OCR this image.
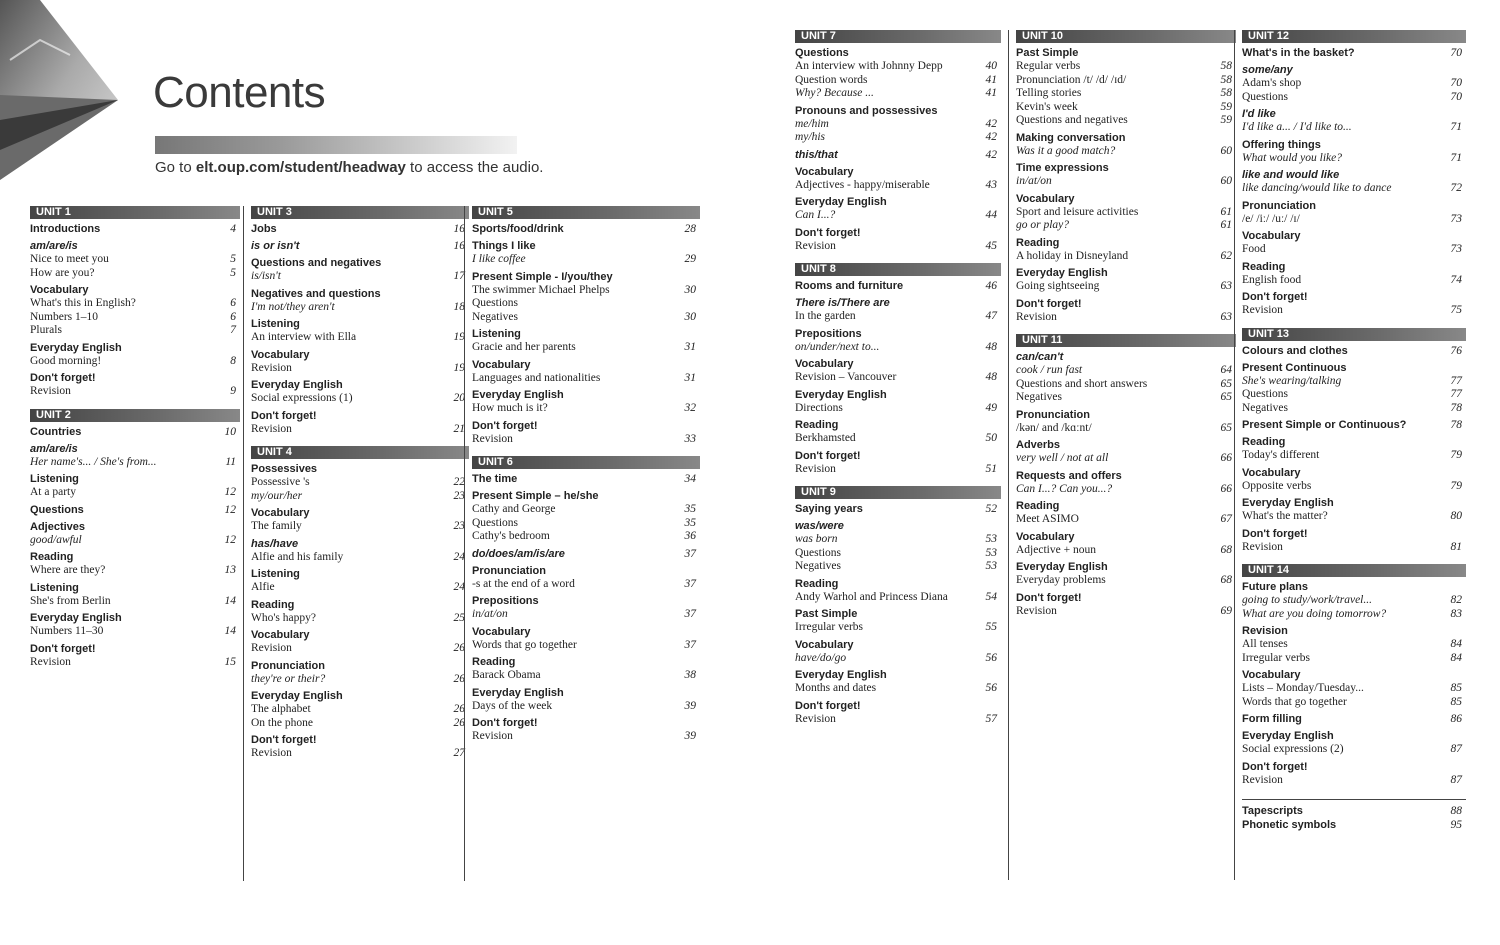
Contents
Go to elt.oup.com/student/headway to access the audio.
UNIT 1
Introductions	4
am/are/is
Nice to meet you	5
How are you?	5
Vocabulary
What's this in English?	6
Numbers 1–10	6
Plurals	7
Everyday English
Good morning!	8
Don't forget!
Revision	9
UNIT 2
Countries	10
am/are/is
Her name's... / She's from...	11
Listening
At a party	12
Questions	12
Adjectives
good/awful	12
Reading
Where are they?	13
Listening
She's from Berlin	14
Everyday English
Numbers 11–30	14
Don't forget!
Revision	15
UNIT 3
Jobs	16
is or isn't	16
Questions and negatives
is/isn't	17
Negatives and questions
I'm not/they aren't	18
Listening
An interview with Ella	19
Vocabulary
Revision	19
Everyday English
Social expressions (1)	20
Don't forget!
Revision	21
UNIT 4
Possessives
Possessive 's	22
my/our/her	23
Vocabulary
The family	23
has/have
Alfie and his family	24
Listening
Alfie	24
Reading
Who's happy?	25
Vocabulary
Revision	26
Pronunciation
they're or their?	26
Everyday English
The alphabet	26
On the phone	26
Don't forget!
Revision	27
UNIT 5
Sports/food/drink	28
Things I like
I like coffee	29
Present Simple - I/you/they
The swimmer Michael Phelps	30
Questions
Negatives	30
Listening
Gracie and her parents	31
Vocabulary
Languages and nationalities	31
Everyday English
How much is it?	32
Don't forget!
Revision	33
UNIT 6
The time	34
Present Simple – he/she
Cathy and George	35
Questions	35
Cathy's bedroom	36
do/does/am/is/are	37
Pronunciation
-s at the end of a word	37
Prepositions
in/at/on	37
Vocabulary
Words that go together	37
Reading
Barack Obama	38
Everyday English
Days of the week	39
Don't forget!
Revision	39
UNIT 7
Questions
An interview with Johnny Depp	40
Question words	41
Why? Because ...	41
Pronouns and possessives
me/him	42
my/his	42
this/that	42
Vocabulary
Adjectives - happy/miserable	43
Everyday English
Can I...?	44
Don't forget!
Revision	45
UNIT 8
Rooms and furniture	46
There is/There are
In the garden	47
Prepositions
on/under/next to...	48
Vocabulary
Revision – Vancouver	48
Everyday English
Directions	49
Reading
Berkhamsted	50
Don't forget!
Revision	51
UNIT 9
Saying years	52
was/were
was born	53
Questions	53
Negatives	53
Reading
Andy Warhol and Princess Diana	54
Past Simple
Irregular verbs	55
Vocabulary
have/do/go	56
Everyday English
Months and dates	56
Don't forget!
Revision	57
UNIT 10
Past Simple
Regular verbs	58
Pronunciation /t/ /d/ /ɪd/	58
Telling stories	58
Kevin's week	59
Questions and negatives	59
Making conversation
Was it a good match?	60
Time expressions
in/at/on	60
Vocabulary
Sport and leisure activities	61
go or play?	61
Reading
A holiday in Disneyland	62
Everyday English
Going sightseeing	63
Don't forget!
Revision	63
UNIT 11
can/can't
cook / run fast	64
Questions and short answers	65
Negatives	65
Pronunciation
/kən/ and /kɑːnt/	65
Adverbs
very well / not at all	66
Requests and offers
Can I...? Can you...?	66
Reading
Meet ASIMO	67
Vocabulary
Adjective + noun	68
Everyday English
Everyday problems	68
Don't forget!
Revision	69
UNIT 12
What's in the basket?	70
some/any
Adam's shop	70
Questions	70
I'd like
I'd like a... / I'd like to...	71
Offering things
What would you like?	71
like and would like
like dancing/would like to dance	72
Pronunciation
/e/ /iː/ /uː/ /ɪ/	73
Vocabulary
Food	73
Reading
English food	74
Don't forget!
Revision	75
UNIT 13
Colours and clothes	76
Present Continuous
She's wearing/talking	77
Questions	77
Negatives	78
Present Simple or Continuous?	78
Reading
Today's different	79
Vocabulary
Opposite verbs	79
Everyday English
What's the matter?	80
Don't forget!
Revision	81
UNIT 14
Future plans
going to study/work/travel...	82
What are you doing tomorrow?	83
Revision
All tenses	84
Irregular verbs	84
Vocabulary
Lists – Monday/Tuesday...	85
Words that go together	85
Form filling	86
Everyday English
Social expressions (2)	87
Don't forget!
Revision	87
Tapescripts	88
Phonetic symbols	95
